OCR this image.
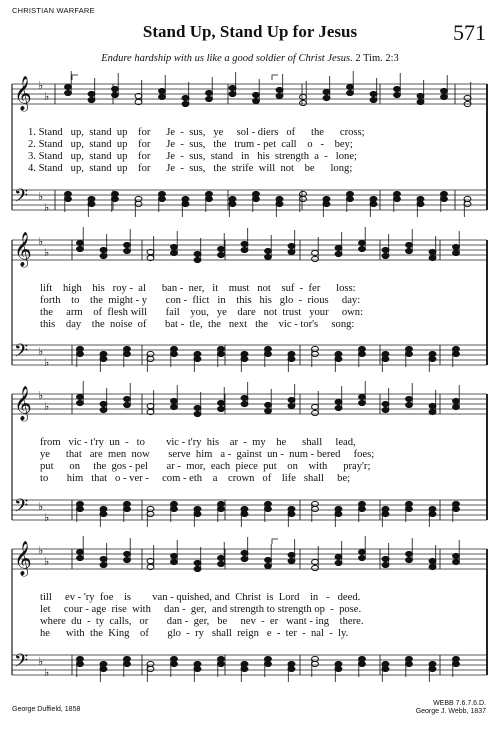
CHRISTIAN WARFARE
Stand Up, Stand Up for Jesus	571
Endure hardship with us like a good soldier of Christ Jesus. 2 Tim. 2:3
𝄞 ♭
♭
𝄢 ♭
♭
𝄞 ♭
♭
𝄢 ♭
♭
𝄞 ♭
♭
𝄢 ♭
♭
𝄞 ♭
♭
𝄢 ♭
♭
1. Stand   up,  stand  up    for      Je  -  sus,   ye     sol - diers   of      the      cross;
2. Stand   up,  stand  up    for      Je  -  sus,   the   trum - pet  call    o   -    bey;
3. Stand   up,  stand  up    for      Je  -  sus,  stand   in   his  strength  a  -   lone;
4. Stand   up,  stand  up    for      Je  -  sus,   the  strife  will  not    be      long;
lift    high    his   roy -  al      ban -  ner,   it    must   not    suf  -  fer      loss:
forth    to    the  might - y       con -  flict   in    this   his   glo  -  rious     day:
the     arm    of  flesh will       fail    you,   ye    dare   not  trust   your     own:
this    day    the  noise  of       bat -  tle,  the   next   the    vic - tor's     song:
from   vic - t'ry  un  -   to        vic - t'ry  his    ar  -  my    he      shall     lead,
ye      that   are  men  now       serve  him   a -  gainst  un -  num - bered     foes;
put      on     the  gos - pel       ar -  mor,  each  piece  put    on    with      pray'r;
to       him   that   o - ver -     com - eth    a    crown   of    life   shall     be;
till     ev - 'ry  foe    is        van - quished, and  Christ  is  Lord    in   -   deed.
let     cour - age  rise  with     dan -  ger,  and strength to strength op  -  pose.
where  du  -  ty  calls,   or       dan -  ger,   be     nev  -  er   want - ing    there.
he      with  the  King    of       glo  -  ry   shall  reign   e  -  ter  -  nal  -  ly.
George Duffield, 1858
WEBB 7.6.7.6.D.
George J. Webb, 1837
